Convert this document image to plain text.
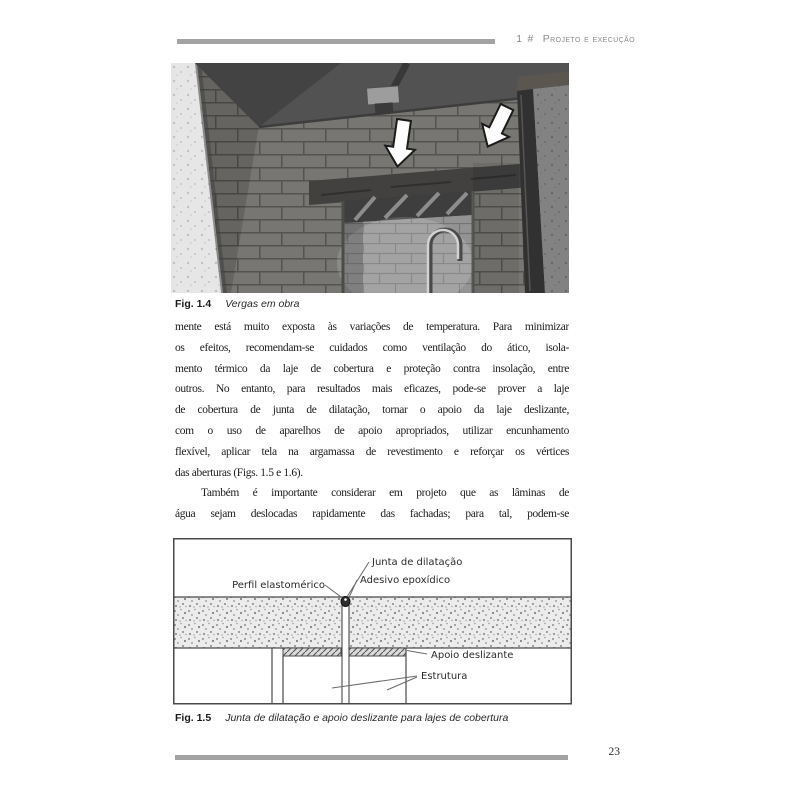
1 # Projeto e execução
Fig. 1.4 Vergas em obra
mente está muito exposta às variações de temperatura. Para minimizar
os efeitos, recomendam-se cuidados como ventilação do ático, isola-
mento térmico da laje de cobertura e proteção contra insolação, entre
outros. No entanto, para resultados mais eficazes, pode-se prover a laje
de cobertura de junta de dilatação, tornar o apoio da laje deslizante,
com o uso de aparelhos de apoio apropriados, utilizar encunhamento
flexível, aplicar tela na argamassa de revestimento e reforçar os vértices
das aberturas (Figs. 1.5 e 1.6).
Também é importante considerar em projeto que as lâminas de
água sejam deslocadas rapidamente das fachadas; para tal, podem-se
Junta de dilatação
Adesivo epoxídico
Perfil elastomérico
Apoio deslizante
Estrutura
Fig. 1.5 Junta de dilatação e apoio deslizante para lajes de cobertura
23
